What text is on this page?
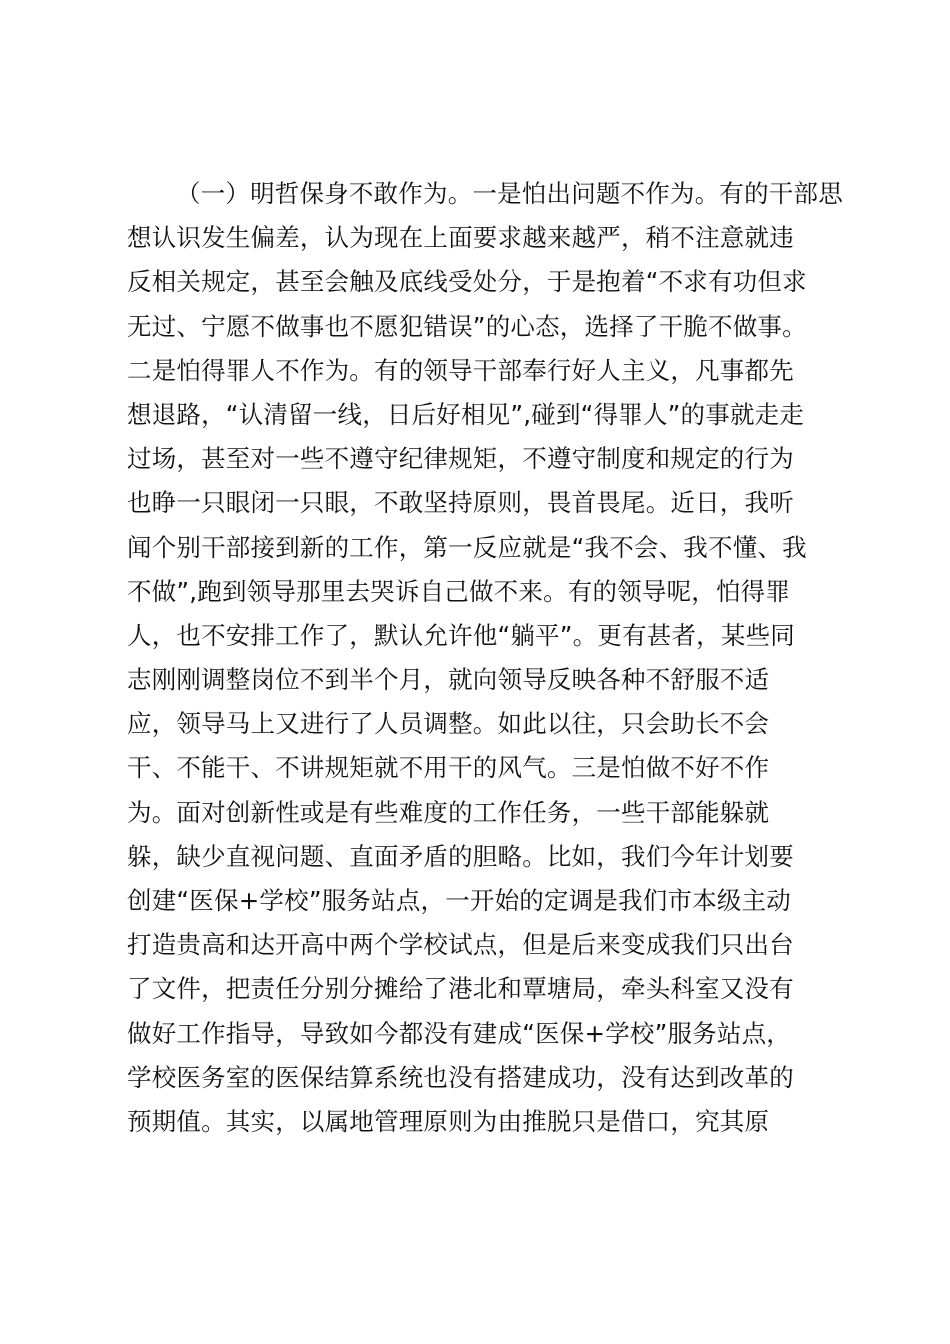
（一）明哲保身不敢作为。一是怕出问题不作为。有的干部思
想认识发生偏差，认为现在上面要求越来越严，稍不注意就违
反相关规定，甚至会触及底线受处分，于是抱着“不求有功但求
无过、宁愿不做事也不愿犯错误”的心态，选择了干脆不做事。
二是怕得罪人不作为。有的领导干部奉行好人主义，凡事都先
想退路，“认清留一线，日后好相见”,碰到“得罪人”的事就走走
过场，甚至对一些不遵守纪律规矩，不遵守制度和规定的行为
也睁一只眼闭一只眼，不敢坚持原则，畏首畏尾。近日，我听
闻个别干部接到新的工作，第一反应就是“我不会、我不懂、我
不做”,跑到领导那里去哭诉自己做不来。有的领导呢，怕得罪
人，也不安排工作了，默认允许他“躺平”。更有甚者，某些同
志刚刚调整岗位不到半个月，就向领导反映各种不舒服不适
应，领导马上又进行了人员调整。如此以往，只会助长不会
干、不能干、不讲规矩就不用干的风气。三是怕做不好不作
为。面对创新性或是有些难度的工作任务，一些干部能躲就
躲，缺少直视问题、直面矛盾的胆略。比如，我们今年计划要
创建“医保+学校”服务站点，一开始的定调是我们市本级主动
打造贵高和达开高中两个学校试点，但是后来变成我们只出台
了文件，把责任分别分摊给了港北和覃塘局，牵头科室又没有
做好工作指导，导致如今都没有建成“医保+学校”服务站点，
学校医务室的医保结算系统也没有搭建成功，没有达到改革的
预期值。其实，以属地管理原则为由推脱只是借口，究其原
